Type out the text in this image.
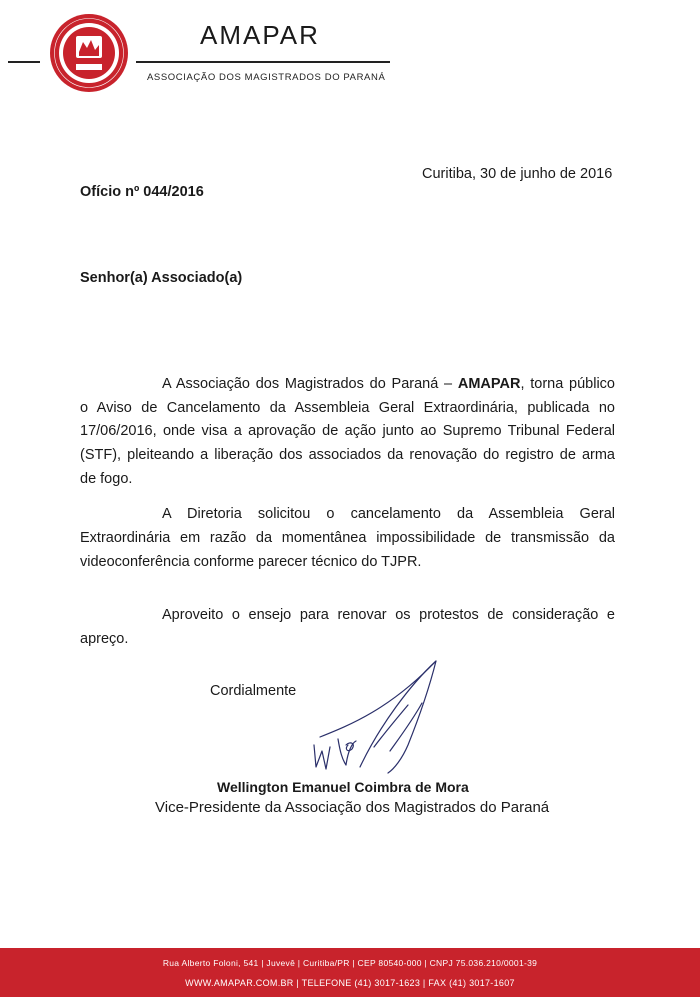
AMAPAR
ASSOCIAÇÃO DOS MAGISTRADOS DO PARANÁ
Curitiba, 30 de junho de 2016
Ofício nº 044/2016
Senhor(a) Associado(a)
A Associação dos Magistrados do Paraná – AMAPAR, torna público
o Aviso de Cancelamento da Assembleia Geral Extraordinária, publicada no
17/06/2016, onde visa a aprovação de ação junto ao Supremo Tribunal Federal
(STF), pleiteando a liberação dos associados da renovação do registro de arma
de fogo.
A Diretoria solicitou o cancelamento da Assembleia Geral
Extraordinária em razão da momentânea impossibilidade de transmissão da
videoconferência conforme parecer técnico do TJPR.
Aproveito o ensejo para renovar os protestos de consideração e
apreço.
Cordialmente
Wellington Emanuel Coimbra de Mora
Vice-Presidente da Associação dos Magistrados do Paraná
Rua Alberto Foloni, 541 | Juvevê | Curitiba/PR | CEP 80540-000 | CNPJ 75.036.210/0001-39
WWW.AMAPAR.COM.BR | TELEFONE (41) 3017-1623 | FAX (41) 3017-1607
